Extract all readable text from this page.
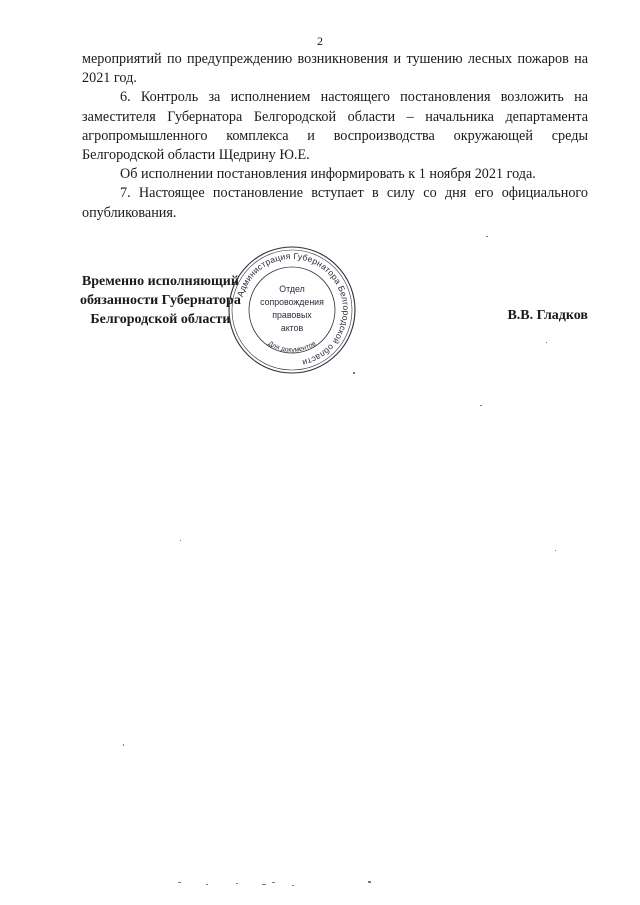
2

мероприятий по предупреждению возникновения и тушению лесных пожаров на 2021 год.

6. Контроль за исполнением настоящего постановления возложить на заместителя Губернатора Белгородской области – начальника департамента агропромышленного комплекса и воспроизводства окружающей среды Белгородской области Щедрину Ю.Е.

Об исполнении постановления информировать к 1 ноября 2021 года.

7. Настоящее постановление вступает в силу со дня его официального опубликования.

Временно исполняющий
обязанности Губернатора
Белгородской области	В.В. Гладков
Администрация Губернатора Белгородской области
Для документов
Отдел
сопровождения
правовых
актов
